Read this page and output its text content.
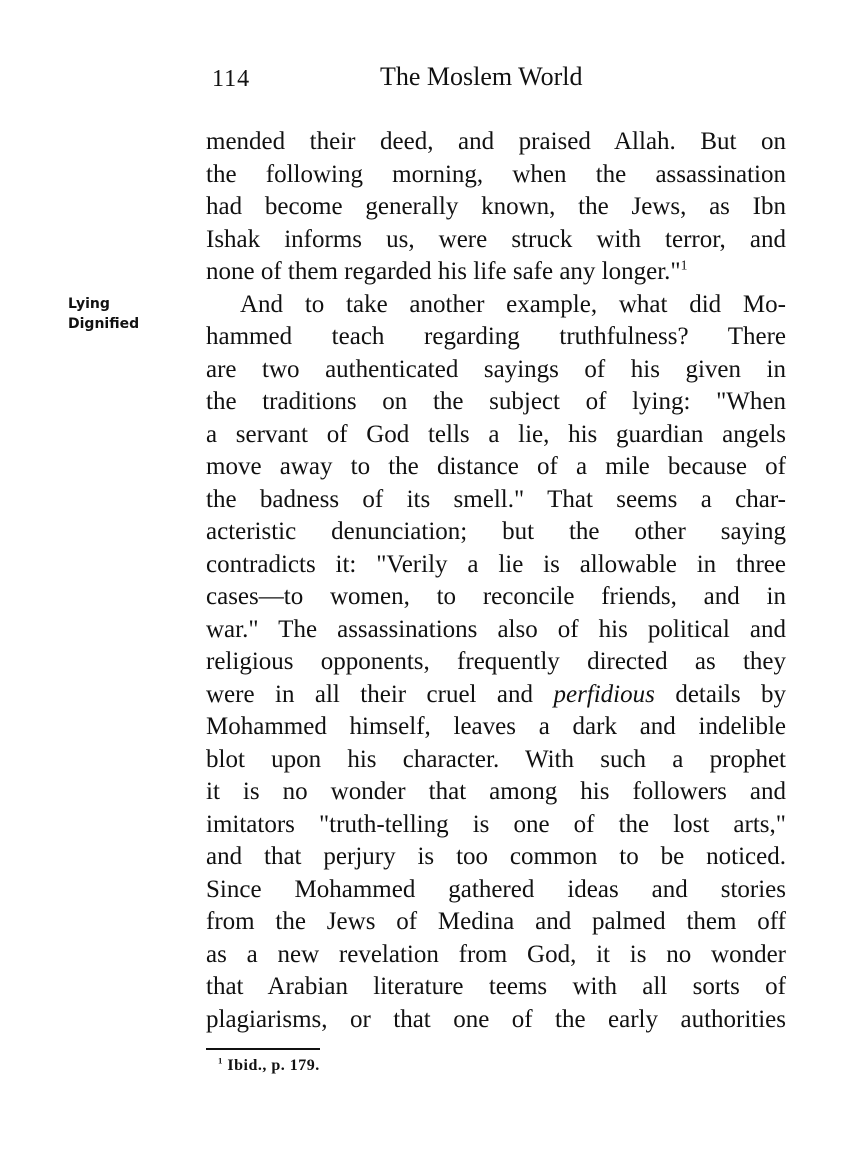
114	The Moslem World
Lying
Dignified
mended their deed, and praised Allah. But on
the following morning, when the assassination
had become generally known, the Jews, as Ibn
Ishak informs us, were struck with terror, and
none of them regarded his life safe any longer."$^1$
And to take another example, what did Mo-
hammed teach regarding truthfulness? There
are two authenticated sayings of his given in
the traditions on the subject of lying: "When
a servant of God tells a lie, his guardian angels
move away to the distance of a mile because of
the badness of its smell." That seems a char-
acteristic denunciation; but the other saying
contradicts it: "Verily a lie is allowable in three
cases—to women, to reconcile friends, and in
war." The assassinations also of his political and
religious opponents, frequently directed as they
were in all their cruel and perfidious details by
Mohammed himself, leaves a dark and indelible
blot upon his character. With such a prophet
it is no wonder that among his followers and
imitators "truth-telling is one of the lost arts,"
and that perjury is too common to be noticed.
Since Mohammed gathered ideas and stories
from the Jews of Medina and palmed them off
as a new revelation from God, it is no wonder
that Arabian literature teems with all sorts of
plagiarisms, or that one of the early authorities
$^1$ Ibid., p. 179.
